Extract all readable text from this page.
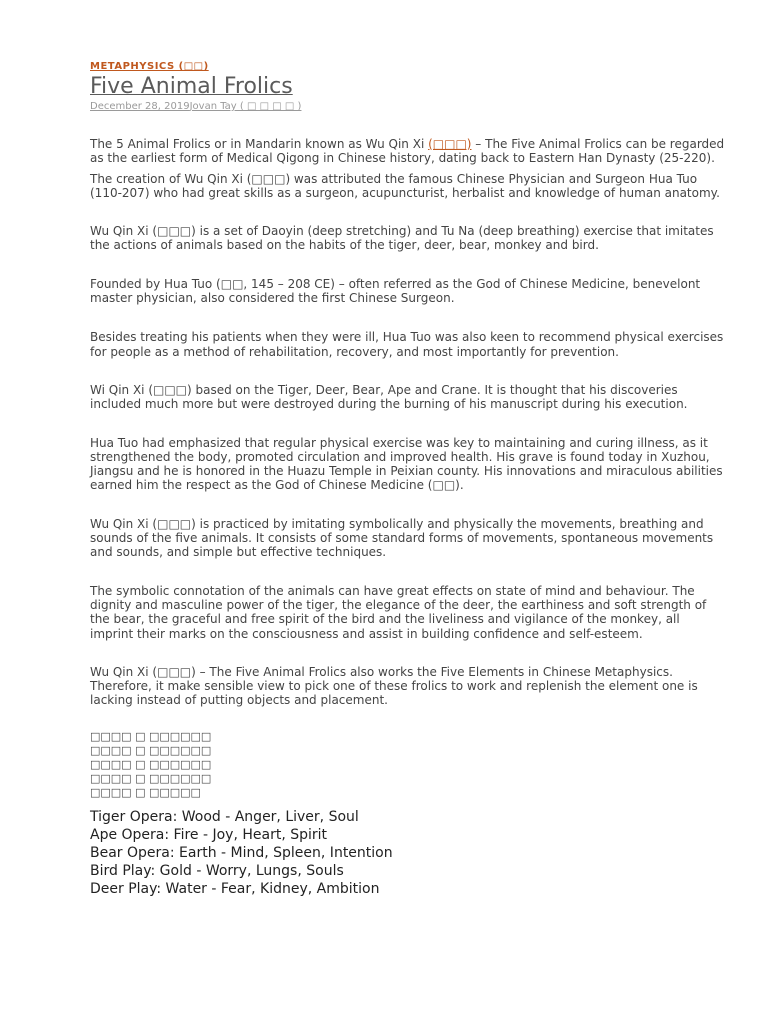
METAPHYSICS (□□)
Five Animal Frolics
December 28, 2019Jovan Tay ( □ □ □ □ )

The 5 Animal Frolics or in Mandarin known as Wu Qin Xi (□□□) – The Five Animal Frolics can be regarded as the earliest form of Medical Qigong in Chinese history, dating back to Eastern Han Dynasty (25-220).

The creation of Wu Qin Xi (□□□) was attributed the famous Chinese Physician and Surgeon Hua Tuo (110-207) who had great skills as a surgeon, acupuncturist, herbalist and knowledge of human anatomy.

Wu Qin Xi (□□□) is a set of Daoyin (deep stretching) and Tu Na (deep breathing) exercise that imitates the actions of animals based on the habits of the tiger, deer, bear, monkey and bird.

Founded by Hua Tuo (□□, 145 – 208 CE) – often referred as the God of Chinese Medicine, benevelont master physician, also considered the first Chinese Surgeon.

Besides treating his patients when they were ill, Hua Tuo was also keen to recommend physical exercises for people as a method of rehabilitation, recovery, and most importantly for prevention.

Wi Qin Xi (□□□) based on the Tiger, Deer, Bear, Ape and Crane. It is thought that his discoveries included much more but were destroyed during the burning of his manuscript during his execution.

Hua Tuo had emphasized that regular physical exercise was key to maintaining and curing illness, as it strengthened the body, promoted circulation and improved health. His grave is found today in Xuzhou, Jiangsu and he is honored in the Huazu Temple in Peixian county. His innovations and miraculous abilities earned him the respect as the God of Chinese Medicine (□□).

Wu Qin Xi (□□□) is practiced by imitating symbolically and physically the movements, breathing and sounds of the five animals. It consists of some standard forms of movements, spontaneous movements and sounds, and simple but effective techniques.

The symbolic connotation of the animals can have great effects on state of mind and behaviour. The dignity and masculine power of the tiger, the elegance of the deer, the earthiness and soft strength of the bear, the graceful and free spirit of the bird and the liveliness and vigilance of the monkey, all imprint their marks on the consciousness and assist in building confidence and self-esteem.

Wu Qin Xi (□□□) – The Five Animal Frolics also works the Five Elements in Chinese Metaphysics. Therefore, it make sensible view to pick one of these frolics to work and replenish the element one is lacking instead of putting objects and placement.

□□□□ □ □□□□□□
□□□□ □ □□□□□□
□□□□ □ □□□□□□
□□□□ □ □□□□□□
□□□□ □ □□□□□
Tiger Opera: Wood - Anger, Liver, Soul
Ape Opera: Fire - Joy, Heart, Spirit
Bear Opera: Earth - Mind, Spleen, Intention
Bird Play: Gold - Worry, Lungs, Souls
Deer Play: Water - Fear, Kidney, Ambition
